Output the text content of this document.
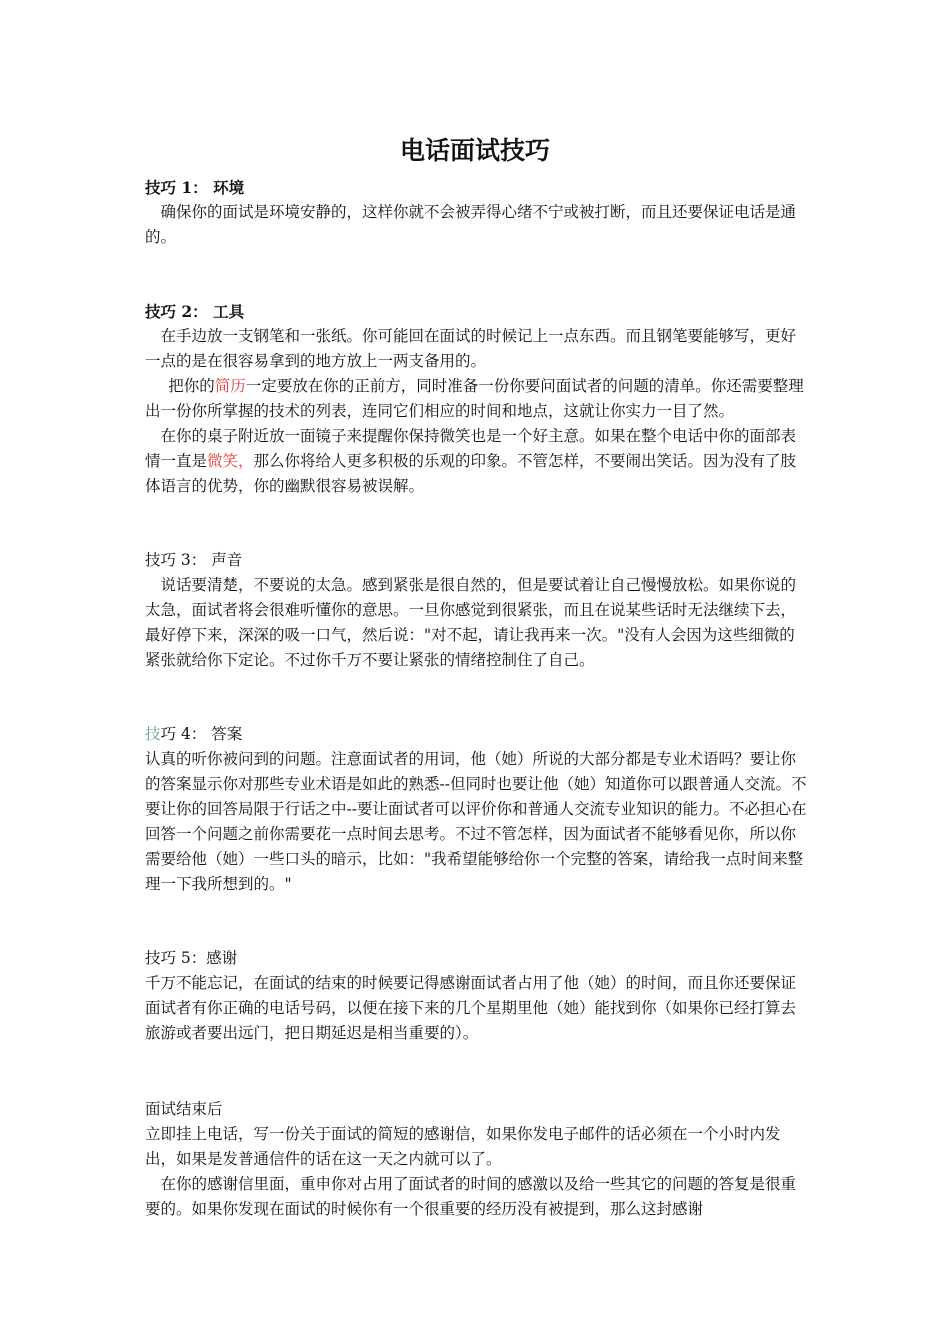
电话面试技巧

技巧 1： 环境

确保你的面试是环境安静的，这样你就不会被弄得心绪不宁或被打断，而且还要保证电话是通的。

技巧 2： 工具

在手边放一支钢笔和一张纸。你可能回在面试的时候记上一点东西。而且钢笔要能够写，更好一点的是在很容易拿到的地方放上一两支备用的。

把你的简历一定要放在你的正前方，同时准备一份你要问面试者的问题的清单。你还需要整理出一份你所掌握的技术的列表，连同它们相应的时间和地点，这就让你实力一目了然。

在你的桌子附近放一面镜子来提醒你保持微笑也是一个好主意。如果在整个电话中你的面部表情一直是微笑，那么你将给人更多积极的乐观的印象。不管怎样，不要闹出笑话。因为没有了肢体语言的优势，你的幽默很容易被误解。

技巧 3： 声音

说话要清楚，不要说的太急。感到紧张是很自然的，但是要试着让自己慢慢放松。如果你说的太急，面试者将会很难听懂你的意思。一旦你感觉到很紧张，而且在说某些话时无法继续下去，最好停下来，深深的吸一口气，然后说："对不起，请让我再来一次。"没有人会因为这些细微的紧张就给你下定论。不过你千万不要让紧张的情绪控制住了自己。

技巧 4： 答案

认真的听你被问到的问题。注意面试者的用词，他（她）所说的大部分都是专业术语吗？要让你的答案显示你对那些专业术语是如此的熟悉--但同时也要让他（她）知道你可以跟普通人交流。不要让你的回答局限于行话之中--要让面试者可以评价你和普通人交流专业知识的能力。不必担心在回答一个问题之前你需要花一点时间去思考。不过不管怎样，因为面试者不能够看见你，所以你需要给他（她）一些口头的暗示，比如："我希望能够给你一个完整的答案，请给我一点时间来整理一下我所想到的。"

技巧 5：感谢

千万不能忘记，在面试的结束的时候要记得感谢面试者占用了他（她）的时间，而且你还要保证面试者有你正确的电话号码，以便在接下来的几个星期里他（她）能找到你（如果你已经打算去旅游或者要出远门，把日期延迟是相当重要的）。

面试结束后

立即挂上电话，写一份关于面试的简短的感谢信，如果你发电子邮件的话必须在一个小时内发出，如果是发普通信件的话在这一天之内就可以了。

在你的感谢信里面，重申你对占用了面试者的时间的感激以及给一些其它的问题的答复是很重要的。如果你发现在面试的时候你有一个很重要的经历没有被提到，那么这封感谢
